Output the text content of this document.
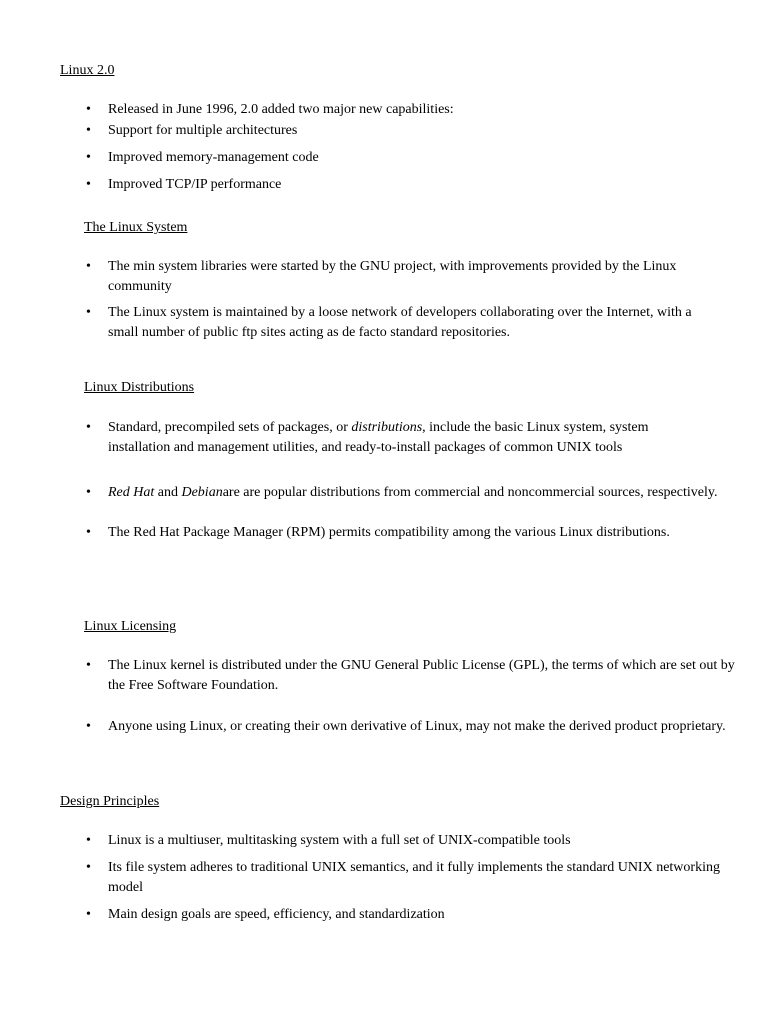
Linux 2.0
• Released in June 1996, 2.0 added two major new capabilities:
• Support for multiple architectures
• Improved memory-management code
• Improved TCP/IP performance
The Linux System
• The min system libraries were started by the GNU project, with improvements provided by the Linux community
• The Linux system is maintained by a loose network of developers collaborating over the Internet, with a small number of public ftp sites acting as de facto standard repositories.
Linux Distributions
• Standard, precompiled sets of packages, or distributions, include the basic Linux system, system installation and management utilities, and ready-to-install packages of common UNIX tools
• Red Hat and Debianare are popular distributions from commercial and noncommercial sources, respectively.
• The Red Hat Package Manager (RPM) permits compatibility among the various Linux distributions.
Linux Licensing
• The Linux kernel is distributed under the GNU General Public License (GPL), the terms of which are set out by the Free Software Foundation.
• Anyone using Linux, or creating their own derivative of Linux, may not make the derived product proprietary.
Design Principles
• Linux is a multiuser, multitasking system with a full set of UNIX-compatible tools
• Its file system adheres to traditional UNIX semantics, and it fully implements the standard UNIX networking model
• Main design goals are speed, efficiency, and standardization
